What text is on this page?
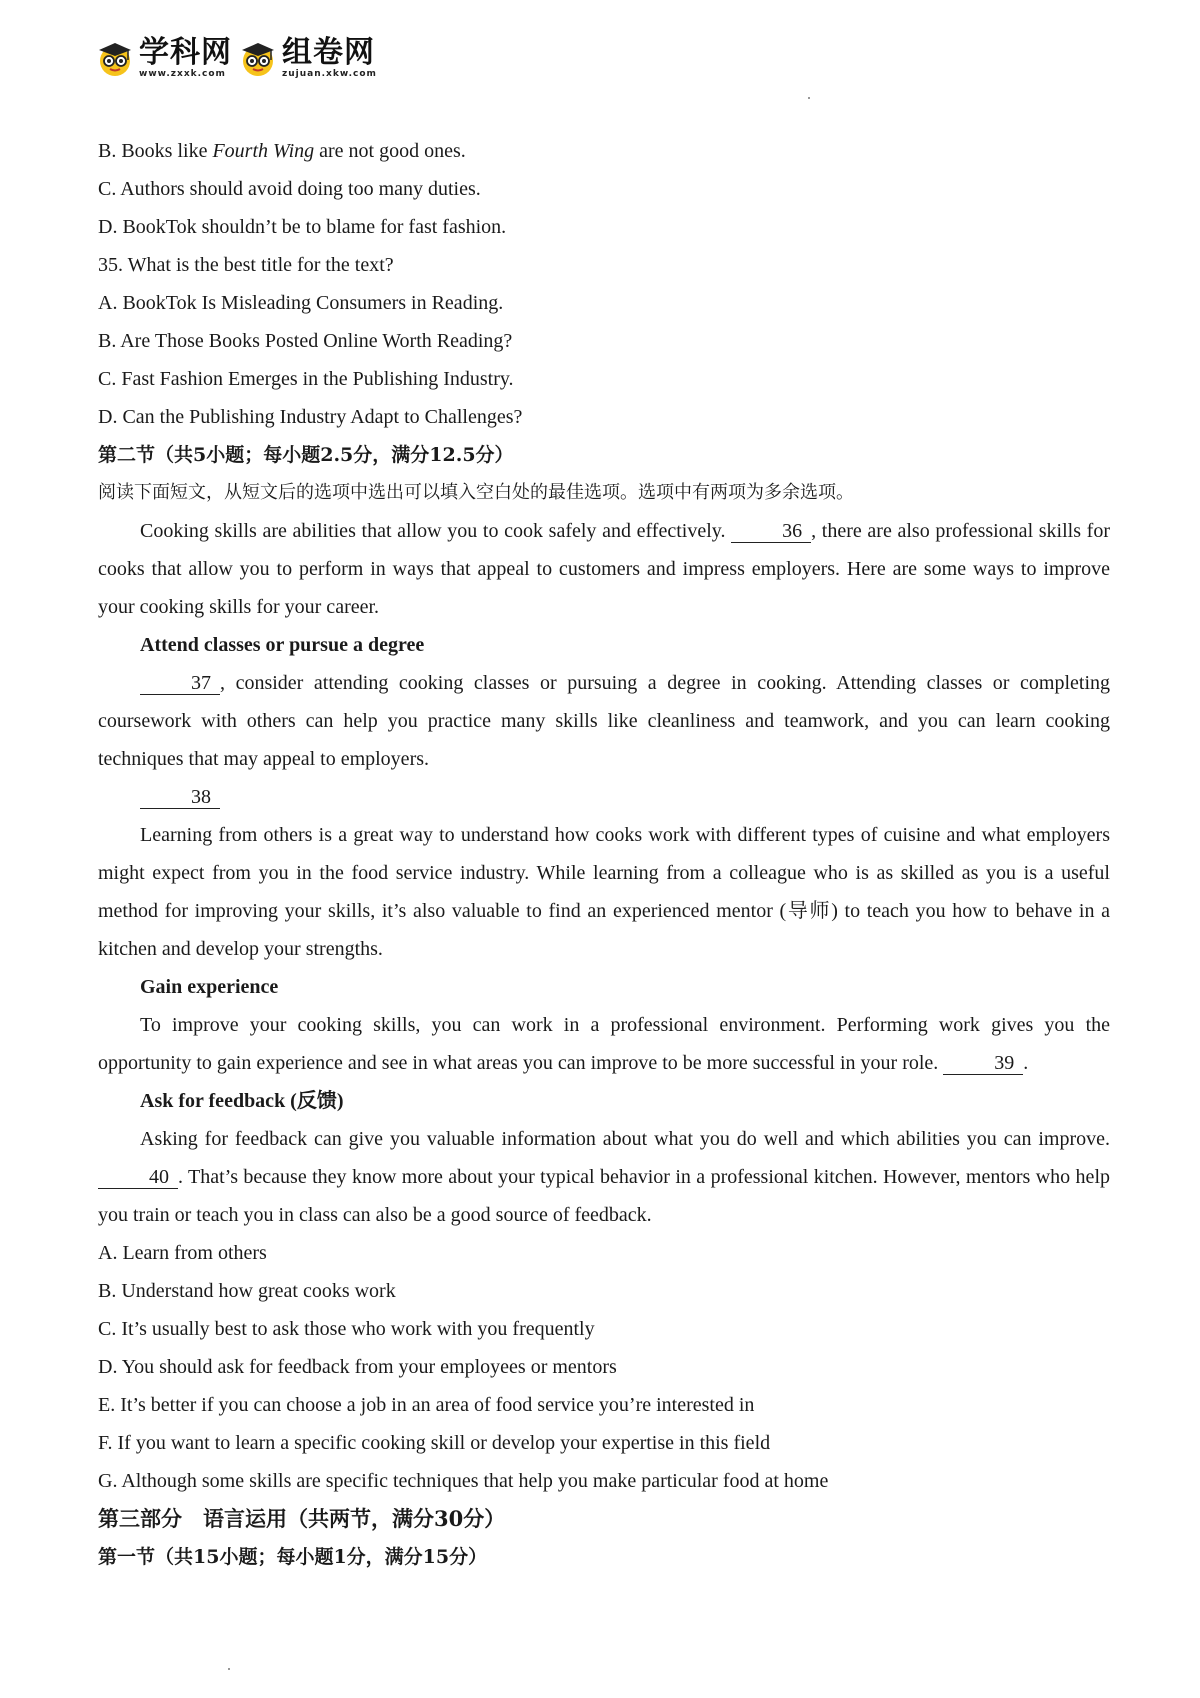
学科网
www.zxxk.com
组卷网
zujuan.xkw.com
B. Books like Fourth Wing are not good ones.
C. Authors should avoid doing too many duties.
D. BookTok shouldn’t be to blame for fast fashion.
35. What is the best title for the text?
A. BookTok Is Misleading Consumers in Reading.
B. Are Those Books Posted Online Worth Reading?
C. Fast Fashion Emerges in the Publishing Industry.
D. Can the Publishing Industry Adapt to Challenges?
第二节（共5小题；每小题2.5分，满分12.5分）
阅读下面短文，从短文后的选项中选出可以填入空白处的最佳选项。选项中有两项为多余选项。

Cooking skills are abilities that allow you to cook safely and effectively.	36 , there are also professional skills for cooks that allow you to perform in ways that appeal to customers and impress employers. Here are some ways to improve your cooking skills for your career.

Attend classes or pursue a degree

37 , consider attending cooking classes or pursuing a degree in cooking. Attending classes or completing coursework with others can help you practice many skills like cleanliness and teamwork, and you can learn cooking techniques that may appeal to employers.

38

Learning from others is a great way to understand how cooks work with different types of cuisine and what employers might expect from you in the food service industry. While learning from a colleague who is as skilled as you is a useful method for improving your skills, it’s also valuable to find an experienced mentor (导师) to teach you how to behave in a kitchen and develop your strengths.

Gain experience

To improve your cooking skills, you can work in a professional environment. Performing work gives you the opportunity to gain experience and see in what areas you can improve to be more successful in your role.	39 .

Ask for feedback (反馈)

Asking for feedback can give you valuable information about what you do well and which abilities you can improve. 40 . That’s because they know more about your typical behavior in a professional kitchen. However, mentors who help you train or teach you in class can also be a good source of feedback.

A. Learn from others
B. Understand how great cooks work
C. It’s usually best to ask those who work with you frequently
D. You should ask for feedback from your employees or mentors
E. It’s better if you can choose a job in an area of food service you’re interested in
F. If you want to learn a specific cooking skill or develop your expertise in this field
G. Although some skills are specific techniques that help you make particular food at home
第三部分　语言运用（共两节，满分30分）
第一节（共15小题；每小题1分，满分15分）
